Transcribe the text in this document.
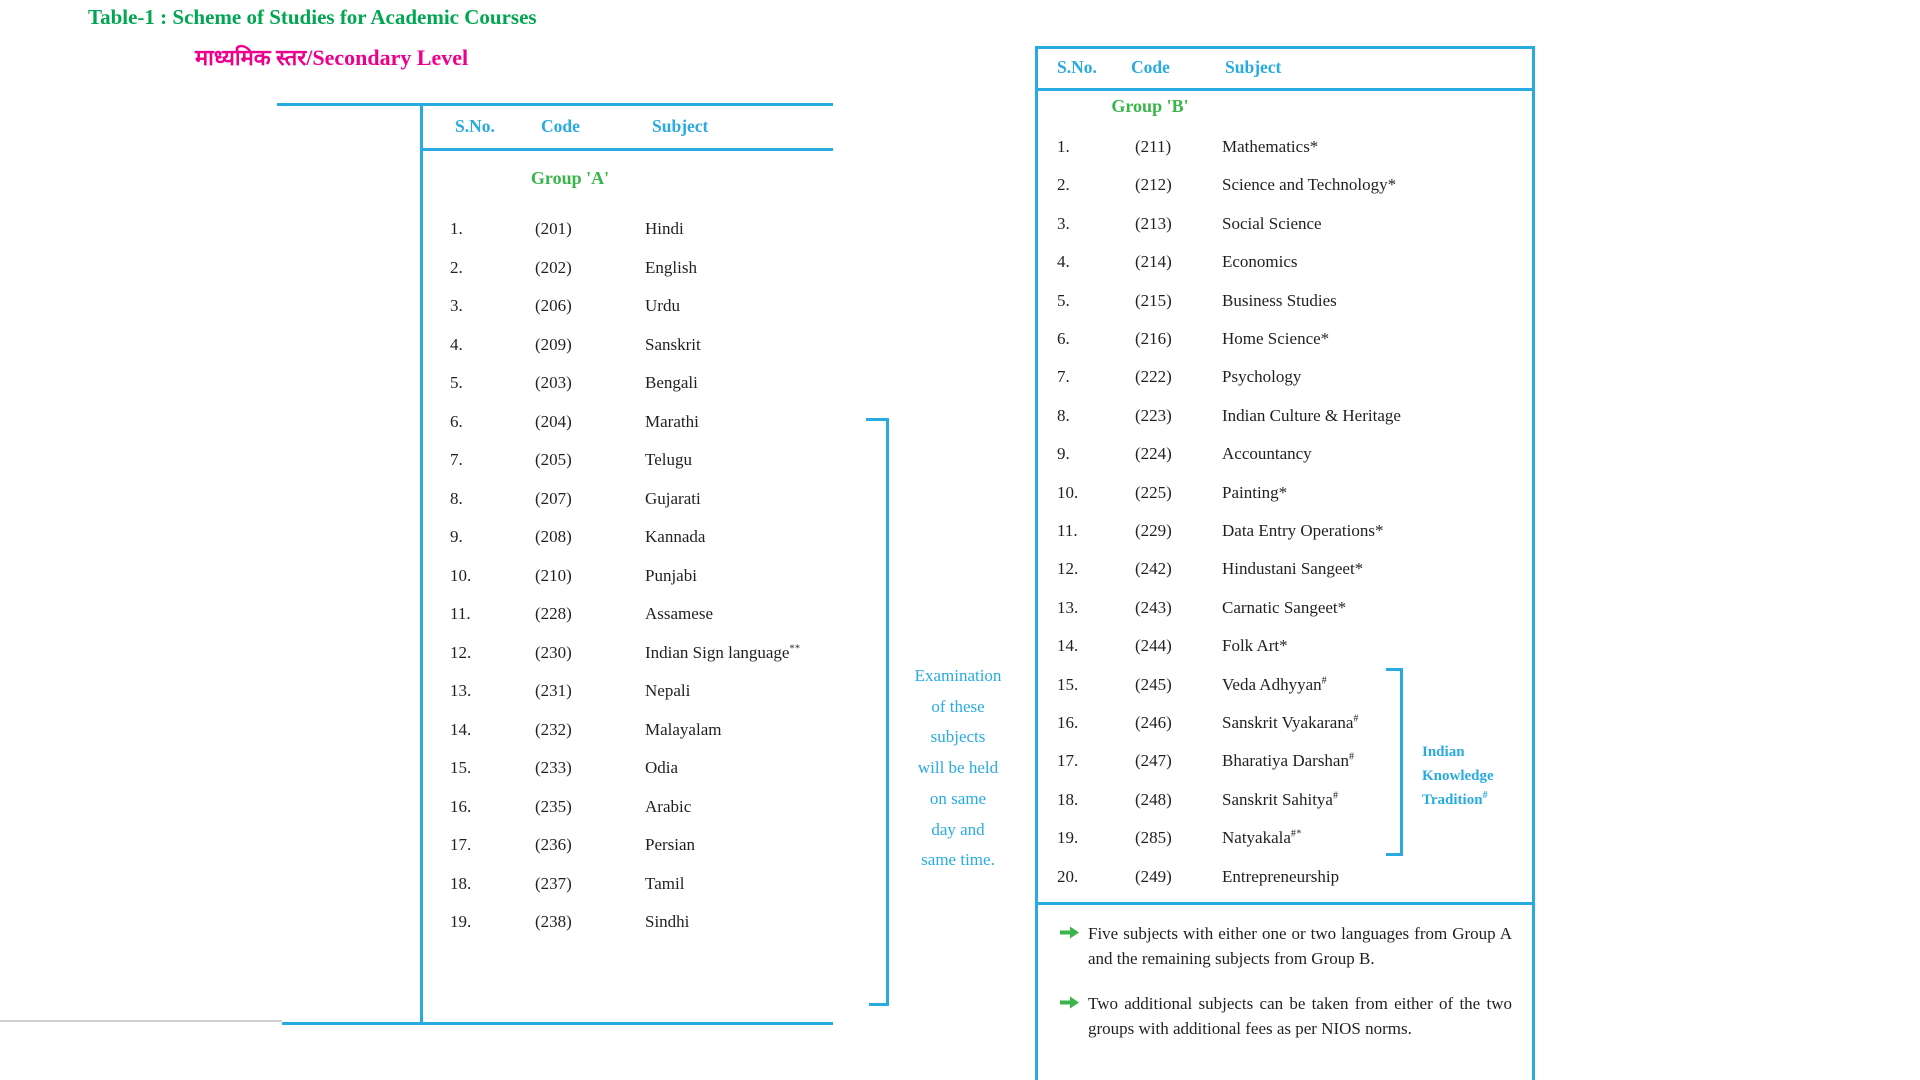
Table-1 : Scheme of Studies for Academic Courses
माध्यमिक स्तर/Secondary Level
S.No.	Code	Subject
Group 'A'
1.	(201)	Hindi
2.	(202)	English
3.	(206)	Urdu
4.	(209)	Sanskrit
5.	(203)	Bengali
6.	(204)	Marathi
7.	(205)	Telugu
8.	(207)	Gujarati
9.	(208)	Kannada
10.	(210)	Punjabi
11.	(228)	Assamese
12.	(230)	Indian Sign language**
13.	(231)	Nepali
14.	(232)	Malayalam
15.	(233)	Odia
16.	(235)	Arabic
17.	(236)	Persian
18.	(237)	Tamil
19.	(238)	Sindhi
Examination
of these
subjects
will be held
on same
day and
same time.
S.No. Code	Subject
Group 'B'
1.	(211)	Mathematics*
2.	(212)	Science and Technology*
3.	(213)	Social Science
4.	(214)	Economics
5.	(215)	Business Studies
6.	(216)	Home Science*
7.	(222)	Psychology
8.	(223)	Indian Culture & Heritage
9.	(224)	Accountancy
10.	(225)	Painting*
11.	(229)	Data Entry Operations*
12.	(242)	Hindustani Sangeet*
13.	(243)	Carnatic Sangeet*
14.	(244)	Folk Art*
15.	(245)	Veda Adhyyan#
16.	(246)	Sanskrit Vyakarana#
17.	(247)	Bharatiya Darshan#
18.	(248)	Sanskrit Sahitya#
19.	(285)	Natyakala#*
20.	(249)	Entrepreneurship
Indian
Knowledge
Tradition#
Five subjects with either one or two languages from Group A and the remaining subjects from Group B.
Two additional subjects can be taken from either of the two groups with additional fees as per NIOS norms.
